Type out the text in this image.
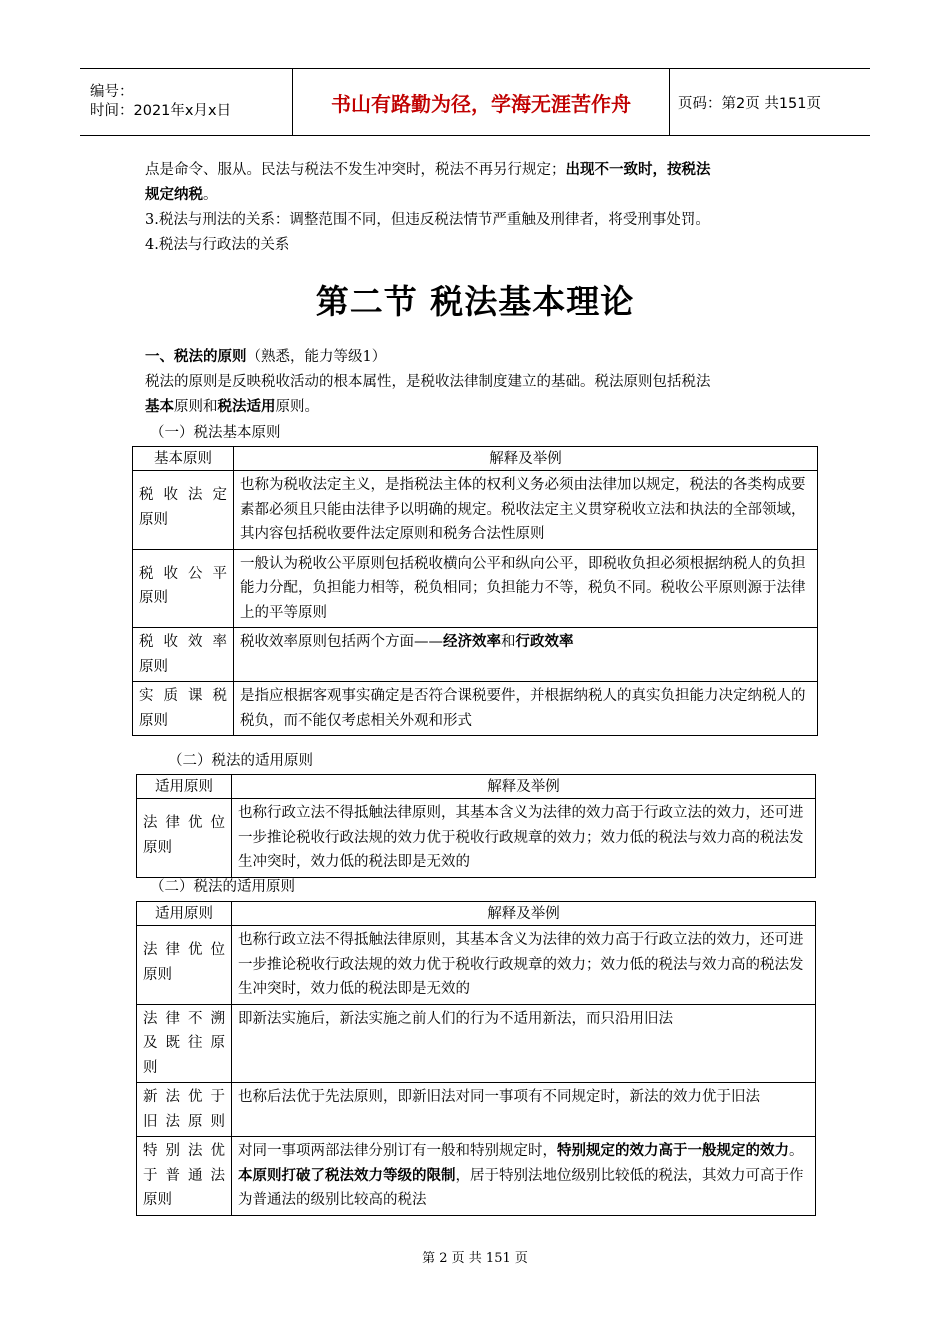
编号：
时间：2021年x月x日	书山有路勤为径，学海无涯苦作舟	页码：第2页 共151页
点是命令、服从。民法与税法不发生冲突时，税法不再另行规定；出现不一致时，按税法
规定纳税。
3.税法与刑法的关系：调整范围不同，但违反税法情节严重触及刑律者，将受刑事处罚。
4.税法与行政法的关系
第二节 税法基本理论
一、税法的原则（熟悉，能力等级1）
税法的原则是反映税收活动的根本属性，是税收法律制度建立的基础。税法原则包括税法
基本原则和税法适用原则。
（一）税法基本原则
基本原则	解释及举例
税收法定
原则	也称为税收法定主义，是指税法主体的权利义务必须由法律加以规定，税法的各类构成要素都必须且只能由法律予以明确的规定。税收法定主义贯穿税收立法和执法的全部领域，其内容包括税收要件法定原则和税务合法性原则
税收公平
原则	一般认为税收公平原则包括税收横向公平和纵向公平，即税收负担必须根据纳税人的负担能力分配，负担能力相等，税负相同；负担能力不等，税负不同。税收公平原则源于法律上的平等原则
税收效率
原则	税收效率原则包括两个方面——经济效率和行政效率
实质课税
原则	是指应根据客观事实确定是否符合课税要件，并根据纳税人的真实负担能力决定纳税人的税负，而不能仅考虑相关外观和形式
（二）税法的适用原则
适用原则	解释及举例
法律优位
原则	也称行政立法不得抵触法律原则，其基本含义为法律的效力高于行政立法的效力，还可进一步推论税收行政法规的效力优于税收行政规章的效力；效力低的税法与效力高的税法发生冲突时，效力低的税法即是无效的
（二）税法的适用原则
适用原则	解释及举例
法律优位
原则	也称行政立法不得抵触法律原则，其基本含义为法律的效力高于行政立法的效力，还可进一步推论税收行政法规的效力优于税收行政规章的效力；效力低的税法与效力高的税法发生冲突时，效力低的税法即是无效的
法律不溯
及既往原
则	即新法实施后，新法实施之前人们的行为不适用新法，而只沿用旧法
新法优于
旧法原则	也称后法优于先法原则，即新旧法对同一事项有不同规定时，新法的效力优于旧法
特别法优
于普通法
原则	对同一事项两部法律分别订有一般和特别规定时，特别规定的效力高于一般规定的效力。本原则打破了税法效力等级的限制，居于特别法地位级别比较低的税法，其效力可高于作为普通法的级别比较高的税法
第 2 页 共 151 页
